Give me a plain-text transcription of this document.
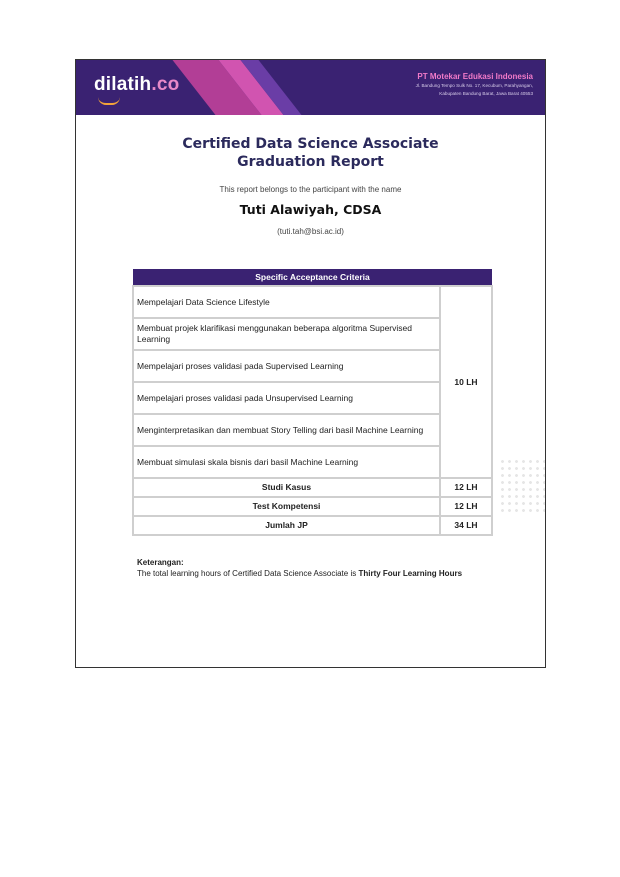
dilatih.co	PT Motekar Edukasi Indonesia
Jl. Bandung Tempo Sulk No. 17, Kecubum, Parahyangan,
Kabupaten Bandung Barat, Jawa Barat 40553
Certified Data Science Associate
Graduation Report
This report belongs to the participant with the name
Tuti Alawiyah, CDSA
(tuti.tah@bsi.ac.id)
Specific Acceptance Criteria	
Mempelajari Data Science Lifestyle	10 LH
Membuat projek klarifikasi menggunakan beberapa algoritma Supervised Learning	
Mempelajari proses validasi pada Supervised Learning	
Mempelajari proses validasi pada Unsupervised Learning	
Menginterpretasikan dan membuat Story Telling dari basil Machine Learning	
Membuat simulasi skala bisnis dari basil Machine Learning	
Studi Kasus	12 LH
Test Kompetensi	12 LH
Jumlah JP	34 LH
Keterangan:
The total learning hours of Certified Data Science Associate is Thirty Four Learning Hours
